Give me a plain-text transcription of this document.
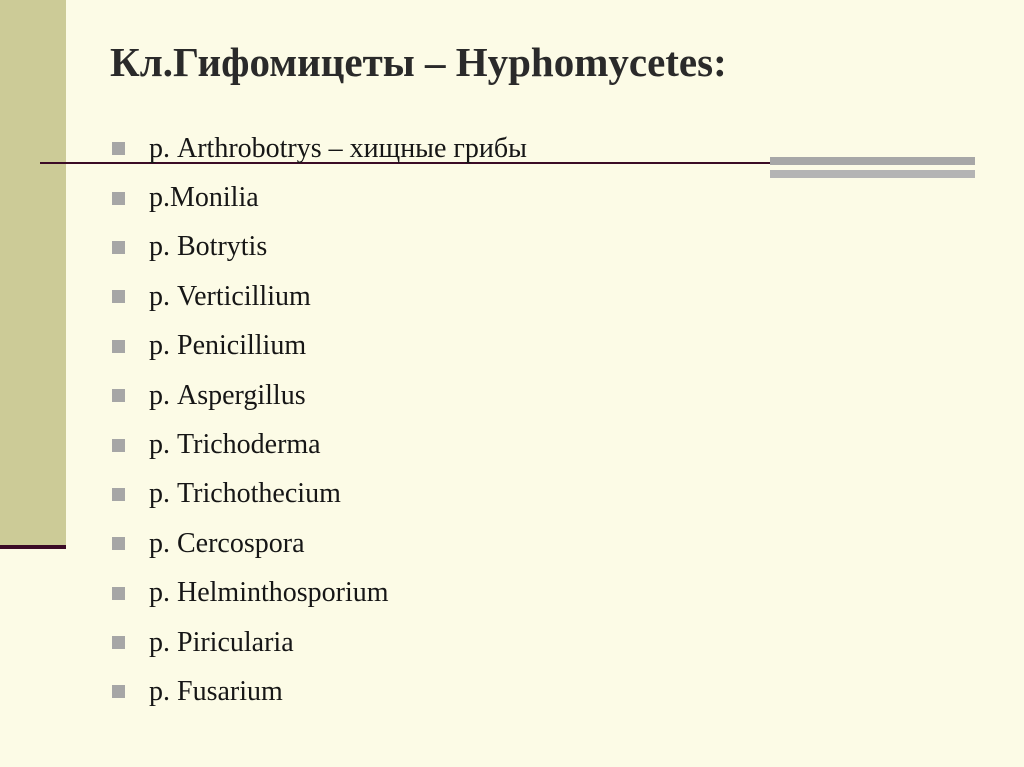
Кл.Гифомицеты – Hyphomycetes:
р. Arthrobotrys – хищные грибы
р.Monilia
р. Botrytis
р. Verticillium
р. Penicillium
р. Aspergillus
р. Trichoderma
р. Trichothecium
р. Cercospora
р. Helminthosporium
р. Piricularia
р. Fusarium
